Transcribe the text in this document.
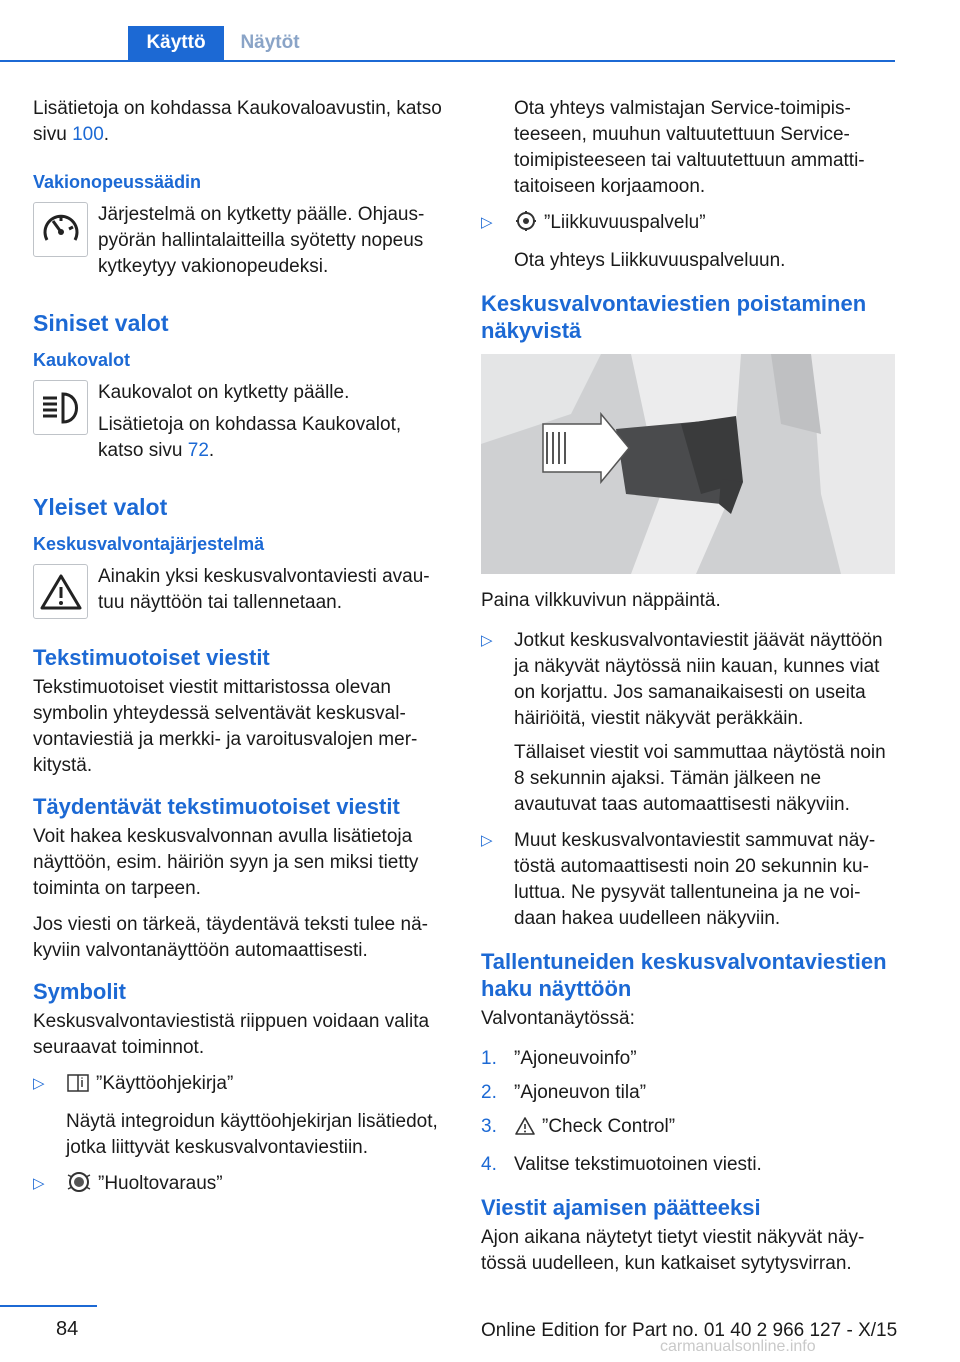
Käyttö	Näytöt

Lisätietoja on kohdassa Kaukovaloavustin, katso sivu 100.

Vakionopeussäädin

Järjestelmä on kytketty päälle. Ohjauspyörän hallintalaitteilla syötetty nopeus kytkeytyy vakionopeudeksi.

Siniset valot
Kaukovalot

Kaukovalot on kytketty päälle.

Lisätietoja on kohdassa Kaukovalot, katso sivu 72.

Yleiset valot
Keskusvalvontajärjestelmä

Ainakin yksi keskusvalvontaviesti avautuu näyttöön tai tallennetaan.

Tekstimuotoiset viestit

Tekstimuotoiset viestit mittaristossa olevan symbolin yhteydessä selventävät keskusvalvontaviestiä ja merkki- ja varoitusvalojen merkitystä.

Täydentävät tekstimuotoiset viestit

Voit hakea keskusvalvonnan avulla lisätietoja näyttöön, esim. häiriön syyn ja sen miksi tietty toiminta on tarpeen.

Jos viesti on tärkeä, täydentävä teksti tulee näkyviin valvontanäyttöön automaattisesti.

Symbolit

Keskusvalvontaviestistä riippuen voidaan valita seuraavat toiminnot.

▷	”Käyttöohjekirja”

Näytä integroidun käyttöohjekirjan lisätiedot, jotka liittyvät keskusvalvontaviestiin.

▷	”Huoltovaraus”

Ota yhteys valmistajan Service-toimipisteeseen, muuhun valtuutettuun Service-toimipisteeseen tai valtuutettuun ammattitaitoiseen korjaamoon.

▷	”Liikkuvuuspalvelu”

Ota yhteys Liikkuvuuspalveluun.

Keskusvalvontaviestien poistaminen näkyvistä

Paina vilkkuvivun näppäintä.

▷ Jotkut keskusvalvontaviestit jäävät näyttöön ja näkyvät näytössä niin kauan, kunnes viat on korjattu. Jos samanaikaisesti on useita häiriöitä, viestit näkyvät peräkkäin.

Tällaiset viestit voi sammuttaa näytöstä noin 8 sekunnin ajaksi. Tämän jälkeen ne avautuvat taas automaattisesti näkyviin.

▷ Muut keskusvalvontaviestit sammuvat näytöstä automaattisesti noin 20 sekunnin kuluttua. Ne pysyvät tallentuneina ja ne voidaan hakea uudelleen näkyviin.

Tallentuneiden keskusvalvontaviestien haku näyttöön

Valvontanäytössä:

1. ”Ajoneuvoinfo”
2. ”Ajoneuvon tila”
3. ”Check Control”
4. Valitse tekstimuotoinen viesti.
Viestit ajamisen päätteeksi

Ajon aikana näytetyt tietyt viestit näkyvät näytössä uudelleen, kun katkaiset sytytysvirran.

84	Online Edition for Part no. 01 40 2 966 127 - X/15
carmanualsonline.info
